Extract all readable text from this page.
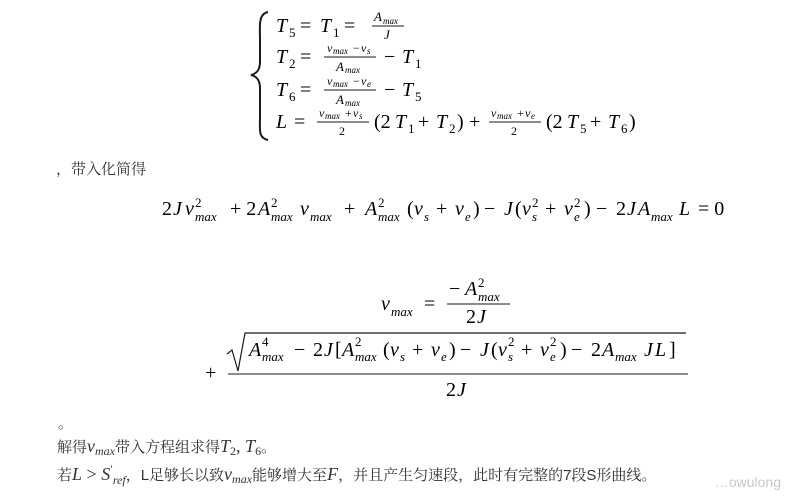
T 5 = T 1 = A max
J
T 2 = v max − v s
A max
− T 1
T 6 = v max − v e
A max
− T 5
L = v max + v s
2 (2 T 1 + T 2 ) + v max + v e
2 (2 T 5 + T 6 )
，带入化简得
2 J v 2
max + 2 A 2
max v max + A 2
max ( v s + v e ) − J ( v 2
s + v 2
e ) − 2 J A max L = 0
v max =
− A 2
max
2 J
+
A 4
max − 2 J [ A 2
max ( v s + v e ) − J ( v 2
s + v 2
e ) − 2 A max J L ]
2 J
。
解得$v_{max}$带入方程组求得$T_2$, $T_6$。
若$L > S'_{ref}$，L足够长以致$v_{max}$能够增大至F，并且产生匀速段，此时有完整的7段S形曲线。	…owulong
